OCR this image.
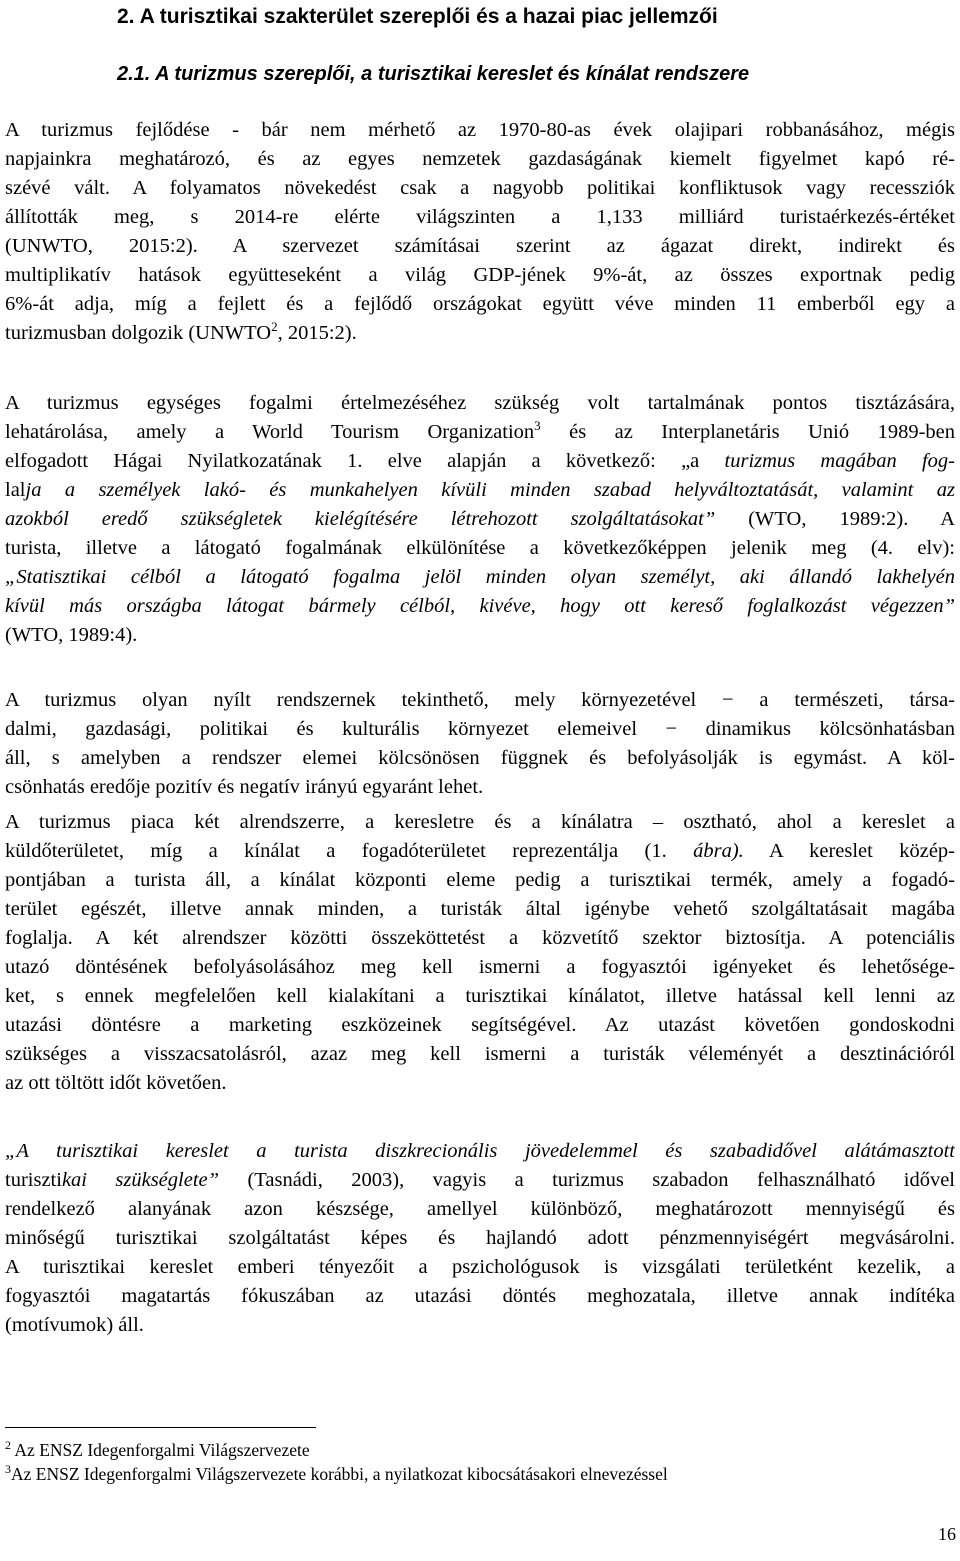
2. A turisztikai szakterület szereplői és a hazai piac jellemzői
2.1. A turizmus szereplői, a turisztikai kereslet és kínálat rendszere
A turizmus fejlődése - bár nem mérhető az 1970-80-as évek olajipari robbanásához, mégis
napjainkra meghatározó, és az egyes nemzetek gazdaságának kiemelt figyelmet kapó ré-
szévé vált. A folyamatos növekedést csak a nagyobb politikai konfliktusok vagy recessziók
állították meg, s 2014-re elérte világszinten a 1,133 milliárd turistaérkezés-értéket
(UNWTO, 2015:2). A szervezet számításai szerint az ágazat direkt, indirekt és
multiplikatív hatások együtteseként a világ GDP-jének 9%-át, az összes exportnak pedig
6%-át adja, míg a fejlett és a fejlődő országokat együtt véve minden 11 emberből egy a
turizmusban dolgozik (UNWTO$^2$, 2015:2).
A turizmus egységes fogalmi értelmezéséhez szükség volt tartalmának pontos tisztázására,
lehatárolása, amely a World Tourism Organization$^3$ és az Interplanetáris Unió 1989-ben
elfogadott Hágai Nyilatkozatának 1. elve alapján a következő: „a turizmus magában fog-
lalja a személyek lakó- és munkahelyen kívüli minden szabad helyváltoztatását, valamint az
azokból eredő szükségletek kielégítésére létrehozott szolgáltatásokat” (WTO, 1989:2). A
turista, illetve a látogató fogalmának elkülönítése a következőképpen jelenik meg (4. elv):
„Statisztikai célból a látogató fogalma jelöl minden olyan személyt, aki állandó lakhelyén
kívül más országba látogat bármely célból, kivéve, hogy ott kereső foglalkozást végezzen”
(WTO, 1989:4).
A turizmus olyan nyílt rendszernek tekinthető, mely környezetével − a természeti, társa-
dalmi, gazdasági, politikai és kulturális környezet elemeivel − dinamikus kölcsönhatásban
áll, s amelyben a rendszer elemei kölcsönösen függnek és befolyásolják is egymást. A köl-
csönhatás eredője pozitív és negatív irányú egyaránt lehet.
A turizmus piaca két alrendszerre, a keresletre és a kínálatra – osztható, ahol a kereslet a
küldőterületet, míg a kínálat a fogadóterületet reprezentálja (1. ábra). A kereslet közép-
pontjában a turista áll, a kínálat központi eleme pedig a turisztikai termék, amely a fogadó-
terület egészét, illetve annak minden, a turisták által igénybe vehető szolgáltatásait magába
foglalja. A két alrendszer közötti összeköttetést a közvetítő szektor biztosítja. A potenciális
utazó döntésének befolyásolásához meg kell ismerni a fogyasztói igényeket és lehetősége-
ket, s ennek megfelelően kell kialakítani a turisztikai kínálatot, illetve hatással kell lenni az
utazási döntésre a marketing eszközeinek segítségével. Az utazást követően gondoskodni
szükséges a visszacsatolásról, azaz meg kell ismerni a turisták véleményét a desztinációról
az ott töltött időt követően.
„A turisztikai kereslet a turista diszkrecionális jövedelemmel és szabadidővel alátámasztott
turisztikai szükséglete” (Tasnádi, 2003), vagyis a turizmus szabadon felhasználható idővel
rendelkező alanyának azon készsége, amellyel különböző, meghatározott mennyiségű és
minőségű turisztikai szolgáltatást képes és hajlandó adott pénzmennyiségért megvásárolni.
A turisztikai kereslet emberi tényezőit a pszichológusok is vizsgálati területként kezelik, a
fogyasztói magatartás fókuszában az utazási döntés meghozatala, illetve annak indítéka
(motívumok) áll.
$^2$ Az ENSZ Idegenforgalmi Világszervezete
$^3$Az ENSZ Idegenforgalmi Világszervezete korábbi, a nyilatkozat kibocsátásakori elnevezéssel
16
